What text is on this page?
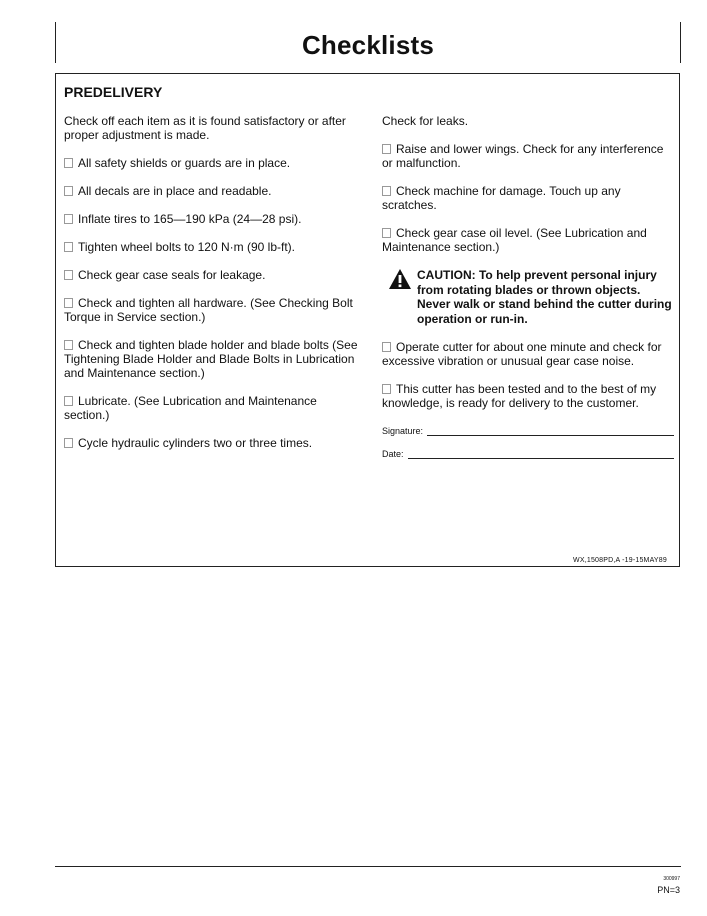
Checklists
PREDELIVERY

Check off each item as it is found satisfactory or after proper adjustment is made.

All safety shields or guards are in place.

All decals are in place and readable.

Inflate tires to 165—190 kPa (24—28 psi).

Tighten wheel bolts to 120 N·m (90 lb-ft).

Check gear case seals for leakage.

Check and tighten all hardware. (See Checking Bolt Torque in Service section.)

Check and tighten blade holder and blade bolts (See Tightening Blade Holder and Blade Bolts in Lubrication and Maintenance section.)

Lubricate. (See Lubrication and Maintenance section.)

Cycle hydraulic cylinders two or three times.

Check for leaks.

Raise and lower wings. Check for any interference or malfunction.

Check machine for damage. Touch up any scratches.

Check gear case oil level. (See Lubrication and Maintenance section.)

CAUTION: To help prevent personal injury from rotating blades or thrown objects. Never walk or stand behind the cutter during operation or run-in.

Operate cutter for about one minute and check for excessive vibration or unusual gear case noise.

This cutter has been tested and to the best of my knowledge, is ready for delivery to the customer.

Signature:
Date:
WX,1508PD,A -19-15MAY89
300997
PN=3
